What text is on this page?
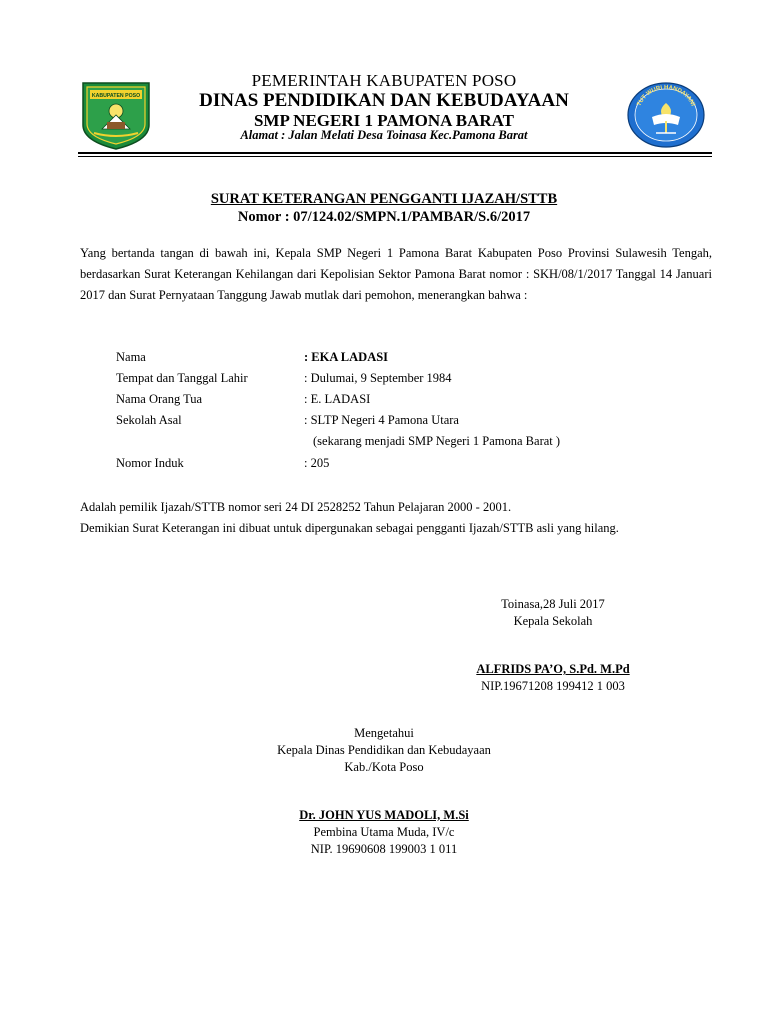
KABUPATEN POSO
TUT WURI HANDAYANI
PEMERINTAH KABUPATEN POSO
DINAS PENDIDIKAN DAN KEBUDAYAAN
SMP NEGERI 1 PAMONA BARAT
Alamat : Jalan Melati Desa Toinasa Kec.Pamona Barat
SURAT KETERANGAN PENGGANTI IJAZAH/STTB
Nomor : 07/124.02/SMPN.1/PAMBAR/S.6/2017
Yang bertanda tangan di bawah ini, Kepala SMP Negeri 1 Pamona Barat Kabupaten Poso Provinsi Sulawesih Tengah, berdasarkan Surat Keterangan Kehilangan dari Kepolisian Sektor Pamona Barat nomor : SKH/08/1/2017 Tanggal 14 Januari 2017 dan Surat Pernyataan Tanggung Jawab mutlak dari pemohon, menerangkan bahwa :
Nama	: EKA LADASI
Tempat dan Tanggal Lahir	: Dulumai, 9 September 1984
Nama Orang Tua	: E. LADASI
Sekolah Asal	: SLTP Negeri 4 Pamona Utara
(sekarang menjadi SMP Negeri 1 Pamona Barat )
Nomor Induk	: 205
Adalah pemilik Ijazah/STTB nomor seri 24 DI 2528252 Tahun Pelajaran 2000 - 2001.
Demikian Surat Keterangan ini dibuat untuk dipergunakan sebagai pengganti Ijazah/STTB asli yang hilang.
Toinasa,28 Juli 2017
Kepala Sekolah
ALFRIDS PA’O, S.Pd. M.Pd
NIP.19671208 199412 1 003
Mengetahui
Kepala Dinas Pendidikan dan Kebudayaan
Kab./Kota Poso
Dr. JOHN YUS MADOLI, M.Si
Pembina Utama Muda, IV/c
NIP. 19690608 199003 1 011
